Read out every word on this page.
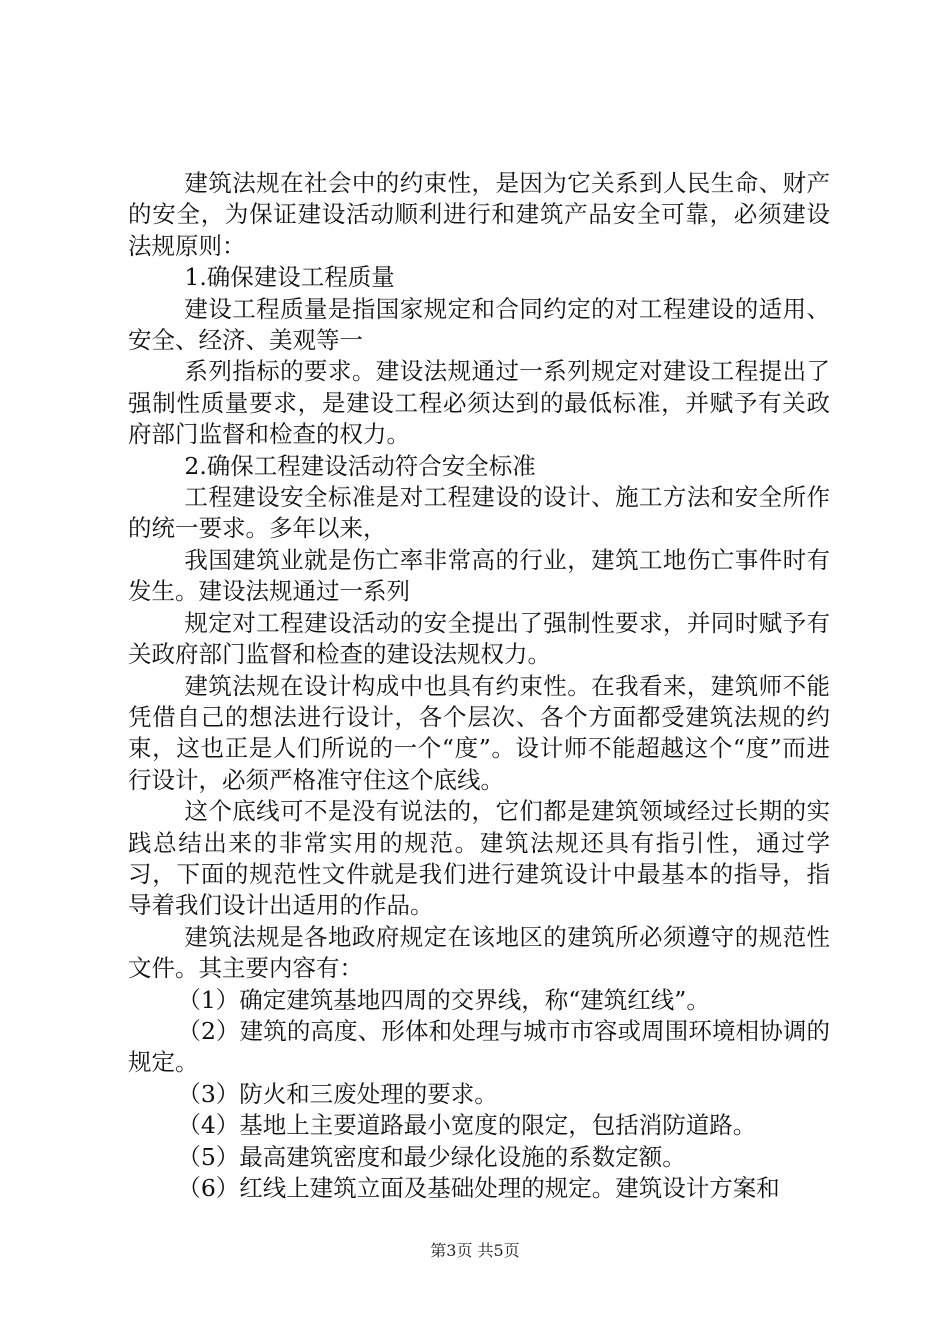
建筑法规在社会中的约束性，是因为它关系到人民生命、财产的安全，为保证建设活动顺利进行和建筑产品安全可靠，必须建设法规原则：

1.确保建设工程质量

建设工程质量是指国家规定和合同约定的对工程建设的适用、安全、经济、美观等一

系列指标的要求。建设法规通过一系列规定对建设工程提出了强制性质量要求，是建设工程必须达到的最低标准，并赋予有关政府部门监督和检查的权力。

2.确保工程建设活动符合安全标准

工程建设安全标准是对工程建设的设计、施工方法和安全所作的统一要求。多年以来，

我国建筑业就是伤亡率非常高的行业，建筑工地伤亡事件时有发生。建设法规通过一系列

规定对工程建设活动的安全提出了强制性要求，并同时赋予有关政府部门监督和检查的建设法规权力。

建筑法规在设计构成中也具有约束性。在我看来，建筑师不能凭借自己的想法进行设计，各个层次、各个方面都受建筑法规的约束，这也正是人们所说的一个“度”。设计师不能超越这个“度”而进行设计，必须严格准守住这个底线。

这个底线可不是没有说法的，它们都是建筑领域经过长期的实践总结出来的非常实用的规范。建筑法规还具有指引性，通过学习，下面的规范性文件就是我们进行建筑设计中最基本的指导，指导着我们设计出适用的作品。

建筑法规是各地政府规定在该地区的建筑所必须遵守的规范性文件。其主要内容有：

（1）确定建筑基地四周的交界线，称“建筑红线”。

（2）建筑的高度、形体和处理与城市市容或周围环境相协调的规定。

（3）防火和三废处理的要求。

（4）基地上主要道路最小宽度的限定，包括消防道路。

（5）最高建筑密度和最少绿化设施的系数定额。

（6）红线上建筑立面及基础处理的规定。建筑设计方案和

第3页 共5页
